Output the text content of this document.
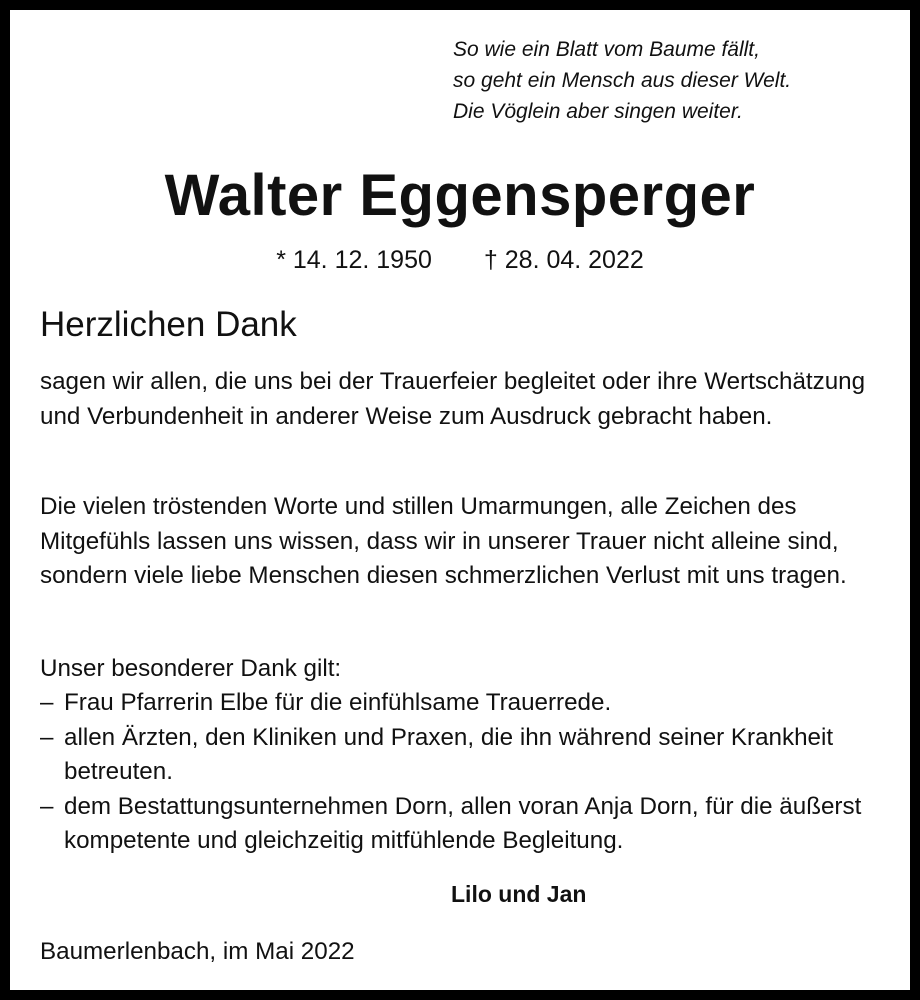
So wie ein Blatt vom Baume fällt,
so geht ein Mensch aus dieser Welt.
Die Vöglein aber singen weiter.
Walter Eggensperger
* 14. 12. 1950 † 28. 04. 2022
Herzlichen Dank
sagen wir allen, die uns bei der Trauerfeier begleitet oder ihre Wertschätzung und Verbundenheit in anderer Weise zum Ausdruck gebracht haben.
Die vielen tröstenden Worte und stillen Umarmungen, alle Zeichen des Mitgefühls lassen uns wissen, dass wir in unserer Trauer nicht alleine sind, sondern viele liebe Menschen diesen schmerzlichen Verlust mit uns tragen.
Unser besonderer Dank gilt:
– Frau Pfarrerin Elbe für die einfühlsame Trauerrede.
– allen Ärzten, den Kliniken und Praxen, die ihn während seiner Krankheit betreuten.
– dem Bestattungsunternehmen Dorn, allen voran Anja Dorn, für die äußerst kompetente und gleichzeitig mitfühlende Begleitung.
Lilo und Jan
Baumerlenbach, im Mai 2022
